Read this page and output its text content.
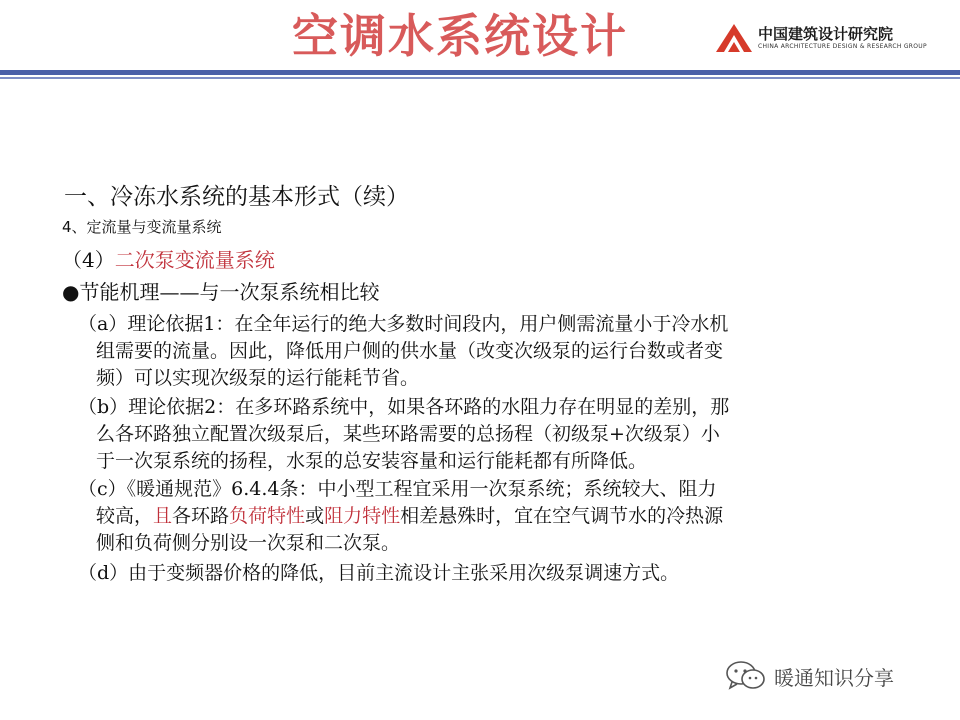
空调水系统设计	中国建筑设计研究院
CHINA ARCHITECTURE DESIGN & RESEARCH GROUP
一、冷冻水系统的基本形式（续）
4、定流量与变流量系统
（4）二次泵变流量系统
●节能机理——与一次泵系统相比较
（a）理论依据1：在全年运行的绝大多数时间段内，用户侧需流量小于冷水机
组需要的流量。因此，降低用户侧的供水量（改变次级泵的运行台数或者变
频）可以实现次级泵的运行能耗节省。
（b）理论依据2：在多环路系统中，如果各环路的水阻力存在明显的差别，那
么各环路独立配置次级泵后，某些环路需要的总扬程（初级泵+次级泵）小
于一次泵系统的扬程，水泵的总安装容量和运行能耗都有所降低。
（c）《暖通规范》6.4.4条：中小型工程宜采用一次泵系统；系统较大、阻力
较高，且各环路负荷特性或阻力特性相差悬殊时，宜在空气调节水的冷热源
侧和负荷侧分别设一次泵和二次泵。
（d）由于变频器价格的降低，目前主流设计主张采用次级泵调速方式。
暖通知识分享
